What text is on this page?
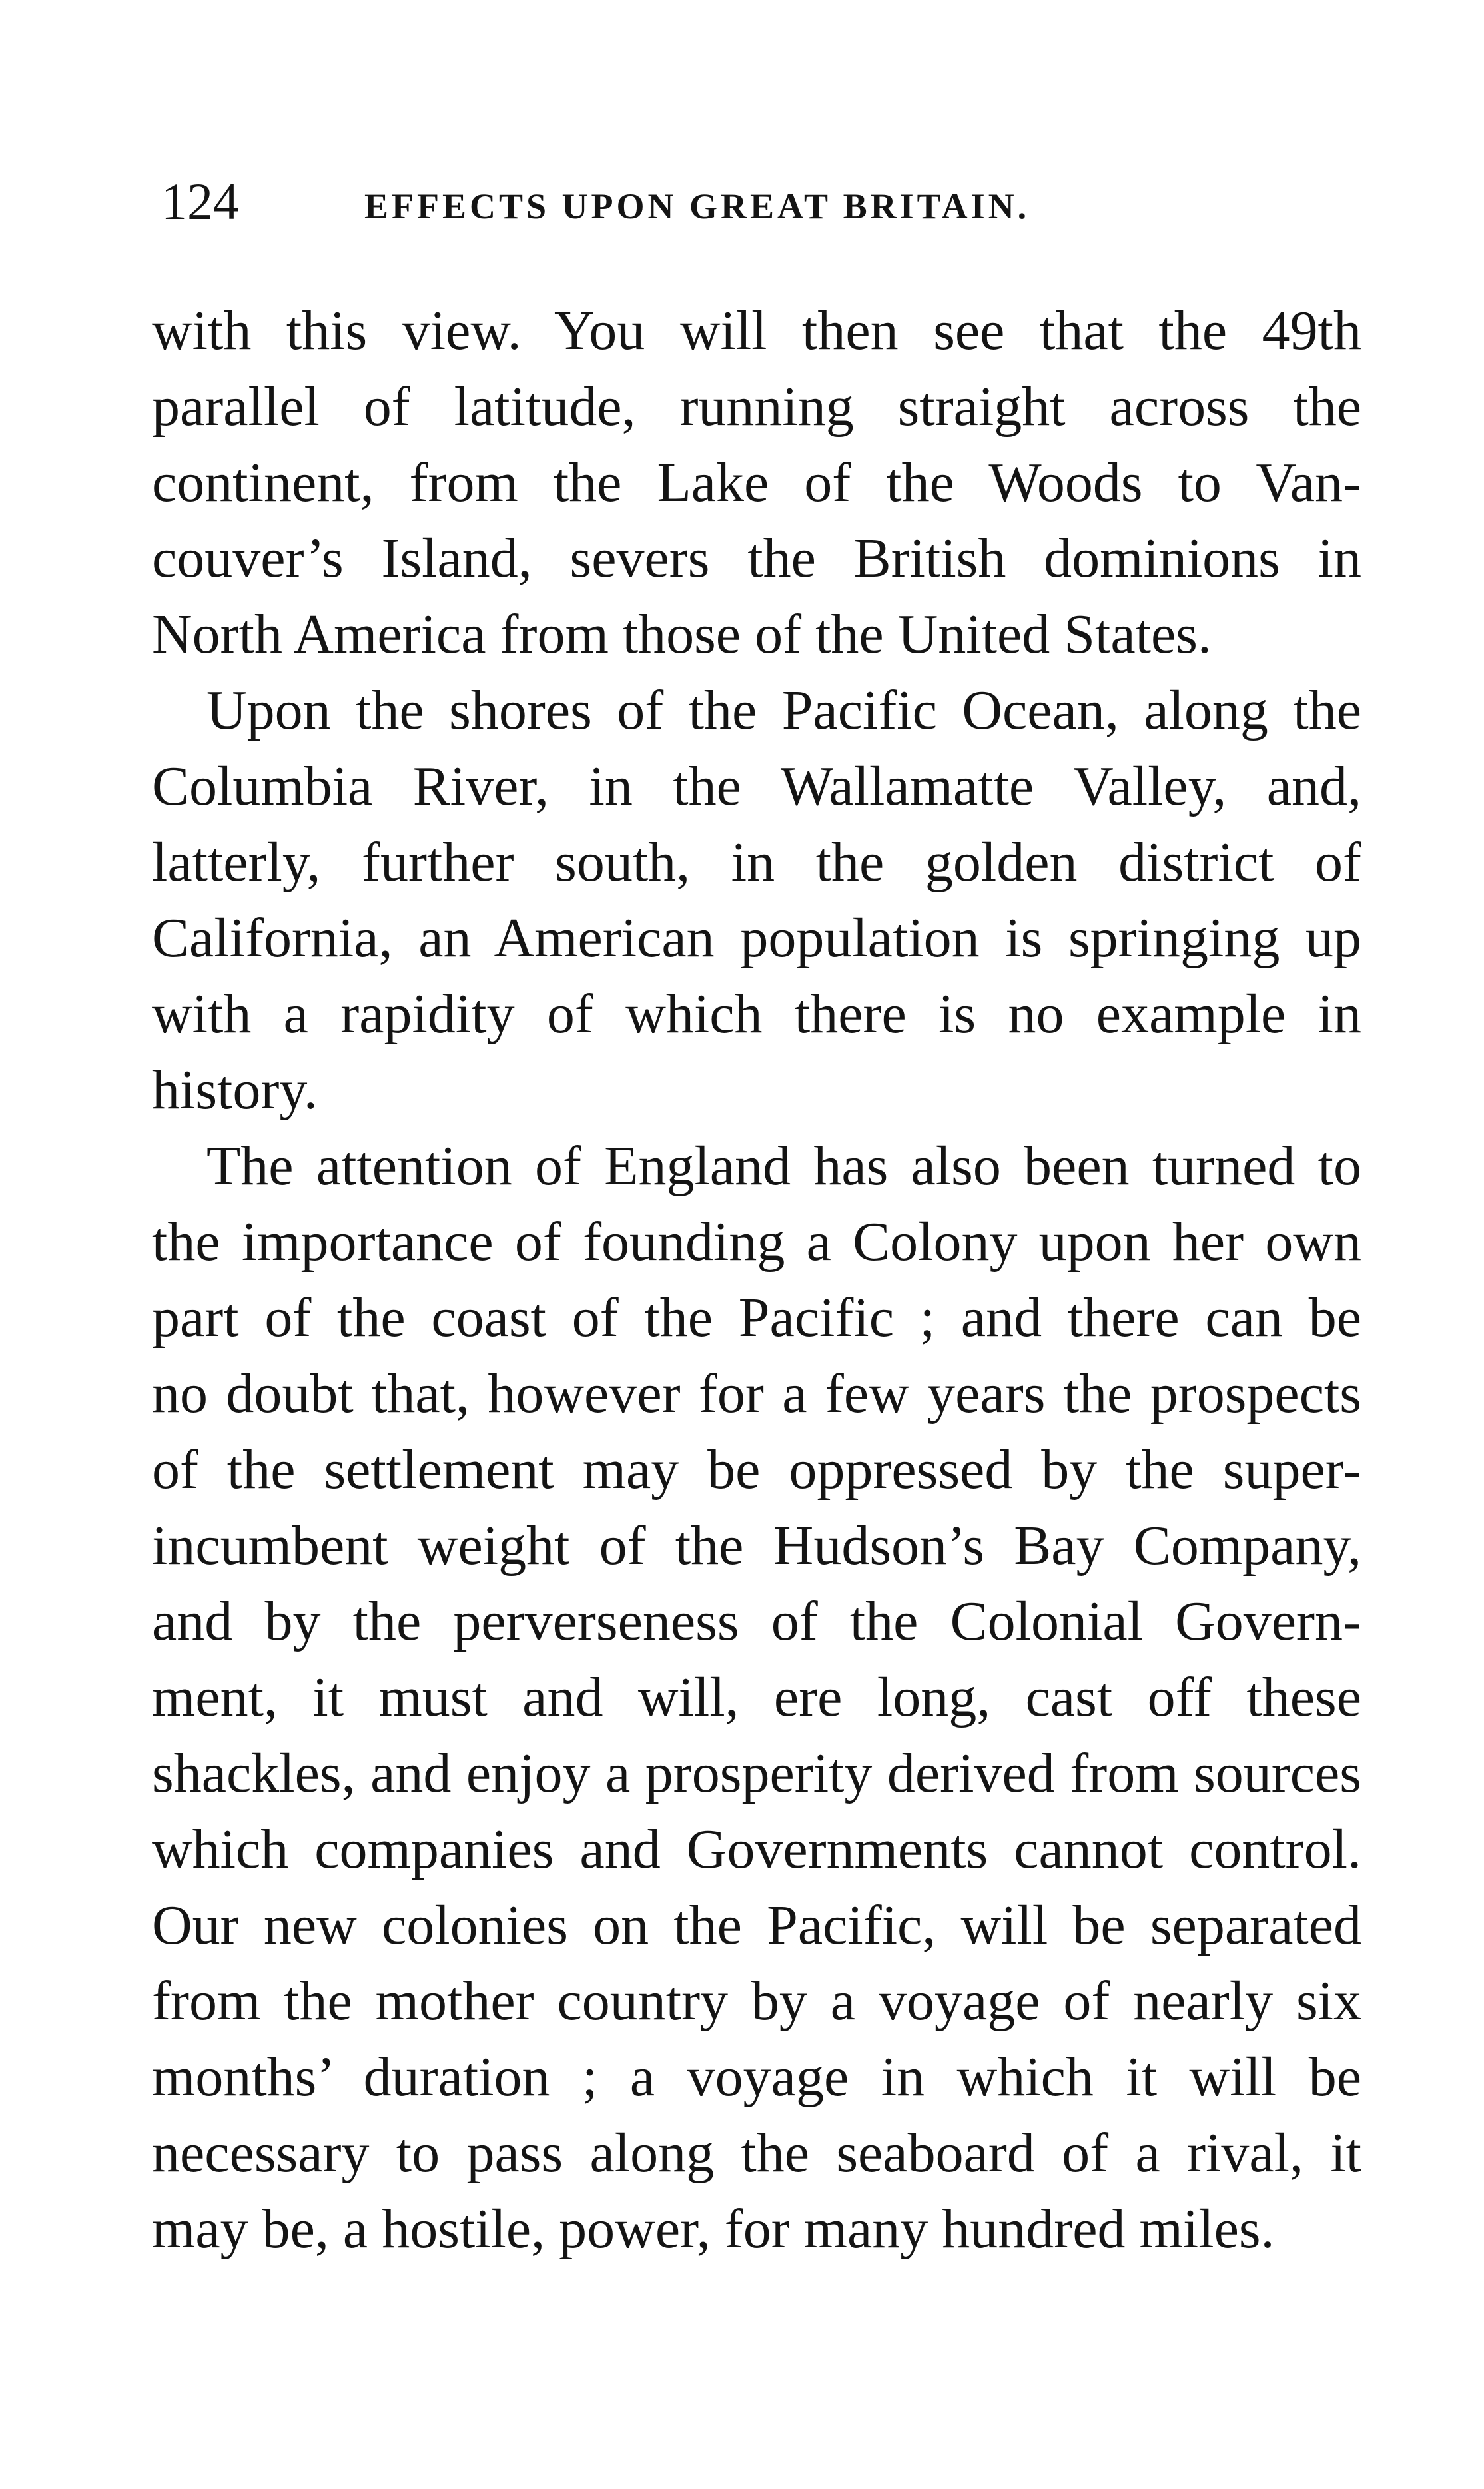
124	EFFECTS UPON GREAT BRITAIN.
with this view. You will then see that the 49th
parallel of latitude, running straight across the
continent, from the Lake of the Woods to Van-
couver’s Island, severs the British dominions in
North America from those of the United States.
Upon the shores of the Pacific Ocean, along the
Columbia River, in the Wallamatte Valley, and,
latterly, further south, in the golden district of
California, an American population is springing up
with a rapidity of which there is no example in
history.
The attention of England has also been turned to
the importance of founding a Colony upon her own
part of the coast of the Pacific ; and there can be
no doubt that, however for a few years the prospects
of the settlement may be oppressed by the super-
incumbent weight of the Hudson’s Bay Company,
and by the perverseness of the Colonial Govern-
ment, it must and will, ere long, cast off these
shackles, and enjoy a prosperity derived from sources
which companies and Governments cannot control.
Our new colonies on the Pacific, will be separated
from the mother country by a voyage of nearly six
months’ duration ; a voyage in which it will be
necessary to pass along the seaboard of a rival, it
may be, a hostile, power, for many hundred miles.
